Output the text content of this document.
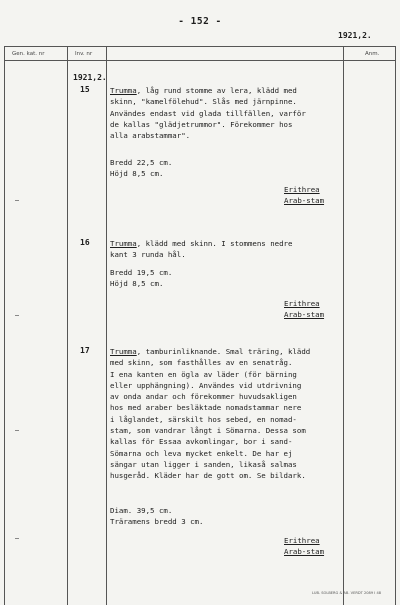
- 152 -
1921,2.
Gen. kat. nr	Inv. nr	Anm.
1921,2.
15	Trumma, låg rund stomme av lera, klädd med
skinn, "kamelfölehud". Slås med järnpinne.
Användes endast vid glada tillfällen, varför
de kallas "glädjetrummor". Förekommer hos
alla arabstammar".
Bredd 22,5 cm.
Höjd 8,5 cm.
Erithrea
Arab-stam
16	Trumma, klädd med skinn. I stommens nedre
kant 3 runda hål.
Bredd 19,5 cm.
Höjd 8,5 cm.
Erithrea
Arab-stam
17	Trumma, tamburinliknande. Smal träring, klädd
med skinn, som fasthålles av en senatråg.
I ena kanten en ögla av läder (för bärning
eller upphängning). Användes vid utdrivning
av onda andar och förekommer huvudsakligen
hos med araber besläktade nomadstammar nere
i låglandet, särskilt hos sebed, en nomad-
stam, som vandrar långt i Sömarna. Dessa som
kallas för Essaa avkomlingar, bor i sand-
Sömarna och leva mycket enkelt. De har ej
sängar utan ligger i sanden, likaså salmas
husgeråd. Kläder har de gott om. Se bildark.
Diam. 39,5 cm.
Träramens bredd 3 cm.
Erithrea
Arab-stam
LUB. SOLBERG & AB. VERDT 2089 I 48
